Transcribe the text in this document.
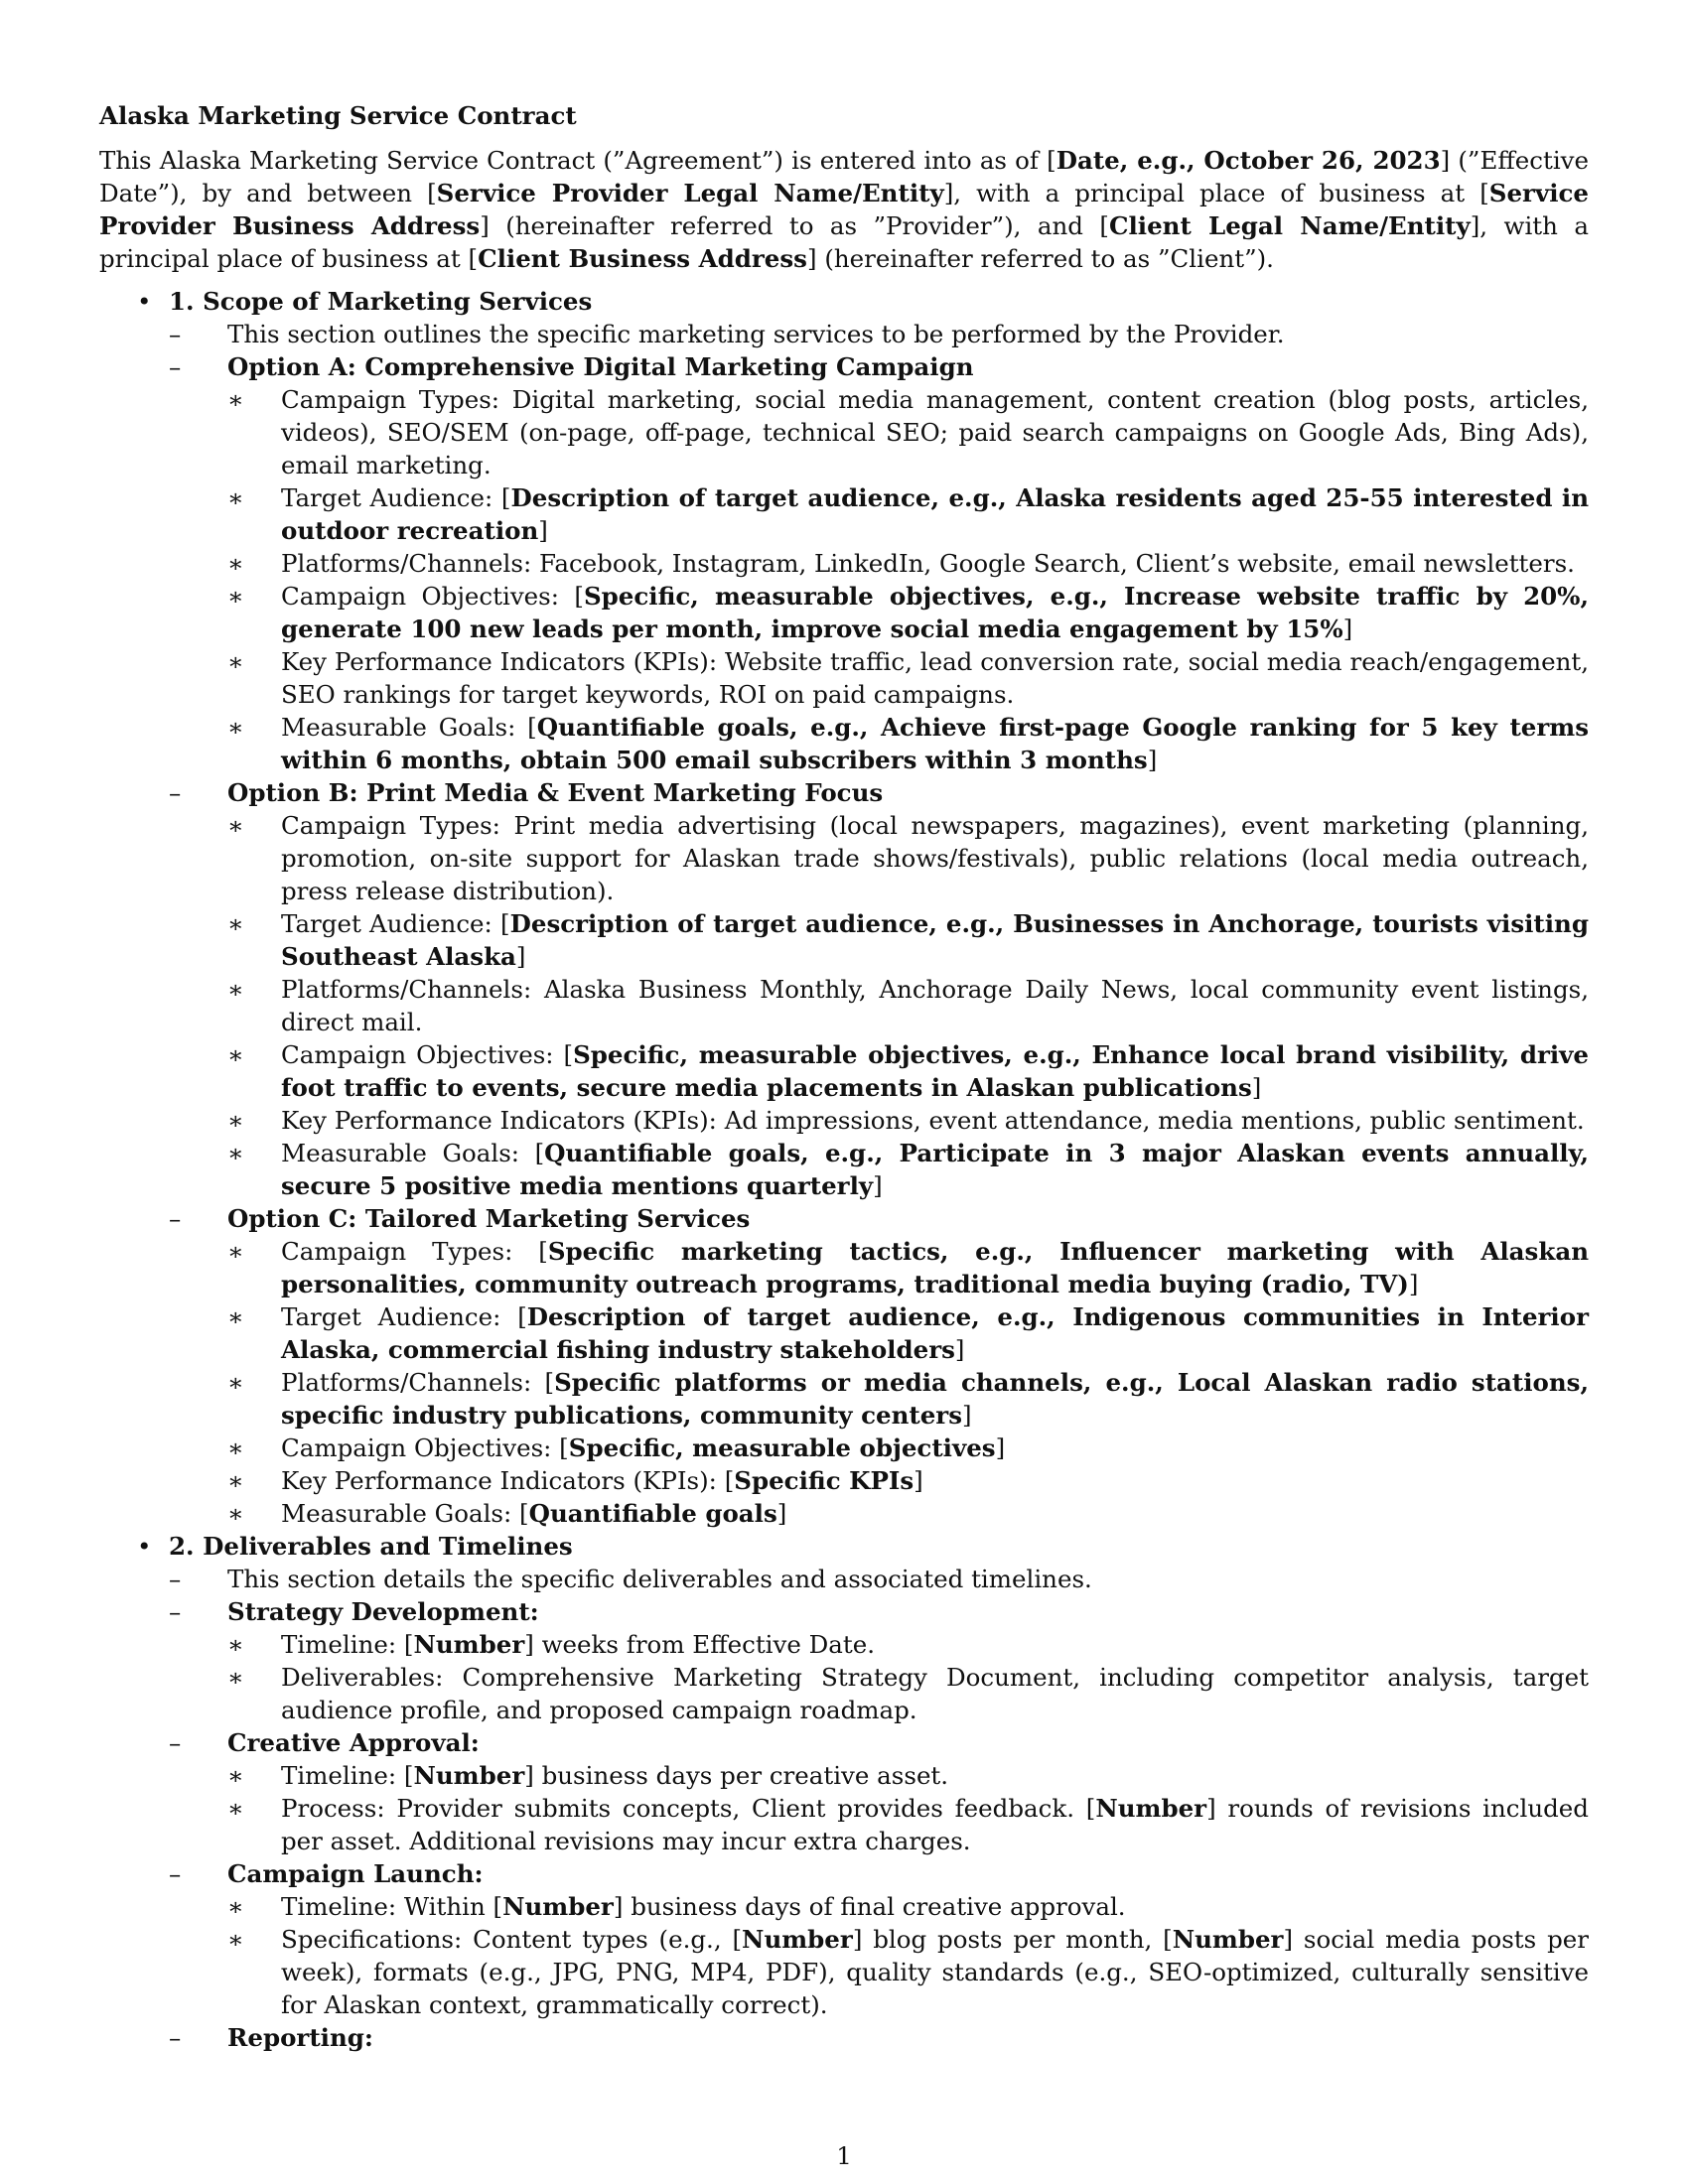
Alaska Marketing Service Contract

This Alaska Marketing Service Contract (”Agreement”) is entered into as of [Date, e.g., October 26, 2023] (”Effective Date”), by and between [Service Provider Legal Name/Entity], with a principal place of business at [Service Provider Business Address] (hereinafter referred to as ”Provider”), and [Client Legal Name/Entity], with a principal place of business at [Client Business Address] (hereinafter referred to as ”Client”).

• 1. Scope of Marketing Services
–	This section outlines the specific marketing services to be performed by the Provider.
–	Option A: Comprehensive Digital Marketing Campaign
∗	Campaign Types: Digital marketing, social media management, content creation (blog posts, articles, videos), SEO/SEM (on-page, off-page, technical SEO; paid search campaigns on Google Ads, Bing Ads), email marketing.
∗	Target Audience: [Description of target audience, e.g., Alaska residents aged 25-55 interested in outdoor recreation]
∗	Platforms/Channels: Facebook, Instagram, LinkedIn, Google Search, Client’s website, email newsletters.
∗	Campaign Objectives: [Specific, measurable objectives, e.g., Increase website traffic by 20%, generate 100 new leads per month, improve social media engagement by 15%]
∗	Key Performance Indicators (KPIs): Website traffic, lead conversion rate, social media reach/engagement, SEO rankings for target keywords, ROI on paid campaigns.
∗	Measurable Goals: [Quantifiable goals, e.g., Achieve first-page Google ranking for 5 key terms within 6 months, obtain 500 email subscribers within 3 months]
–	Option B: Print Media & Event Marketing Focus
∗	Campaign Types: Print media advertising (local newspapers, magazines), event marketing (planning, promotion, on-site support for Alaskan trade shows/festivals), public relations (local media outreach, press release distribution).
∗	Target Audience: [Description of target audience, e.g., Businesses in Anchorage, tourists visiting Southeast Alaska]
∗	Platforms/Channels: Alaska Business Monthly, Anchorage Daily News, local community event listings, direct mail.
∗	Campaign Objectives: [Specific, measurable objectives, e.g., Enhance local brand visibility, drive foot traffic to events, secure media placements in Alaskan publications]
∗	Key Performance Indicators (KPIs): Ad impressions, event attendance, media mentions, public sentiment.
∗	Measurable Goals: [Quantifiable goals, e.g., Participate in 3 major Alaskan events annually, secure 5 positive media mentions quarterly]
–	Option C: Tailored Marketing Services
∗	Campaign Types: [Specific marketing tactics, e.g., Influencer marketing with Alaskan personalities, community outreach programs, traditional media buying (radio, TV)]
∗	Target Audience: [Description of target audience, e.g., Indigenous communities in Interior Alaska, commercial fishing industry stakeholders]
∗	Platforms/Channels: [Specific platforms or media channels, e.g., Local Alaskan radio stations, specific industry publications, community centers]
∗	Campaign Objectives: [Specific, measurable objectives]
∗	Key Performance Indicators (KPIs): [Specific KPIs]
∗	Measurable Goals: [Quantifiable goals]
• 2. Deliverables and Timelines
–	This section details the specific deliverables and associated timelines.
–	Strategy Development:
∗	Timeline: [Number] weeks from Effective Date.
∗	Deliverables: Comprehensive Marketing Strategy Document, including competitor analysis, target audience profile, and proposed campaign roadmap.
–	Creative Approval:
∗	Timeline: [Number] business days per creative asset.
∗	Process: Provider submits concepts, Client provides feedback. [Number] rounds of revisions included per asset. Additional revisions may incur extra charges.
–	Campaign Launch:
∗	Timeline: Within [Number] business days of final creative approval.
∗	Specifications: Content types (e.g., [Number] blog posts per month, [Number] social media posts per week), formats (e.g., JPG, PNG, MP4, PDF), quality standards (e.g., SEO-optimized, culturally sensitive for Alaskan context, grammatically correct).
–	Reporting:
1
